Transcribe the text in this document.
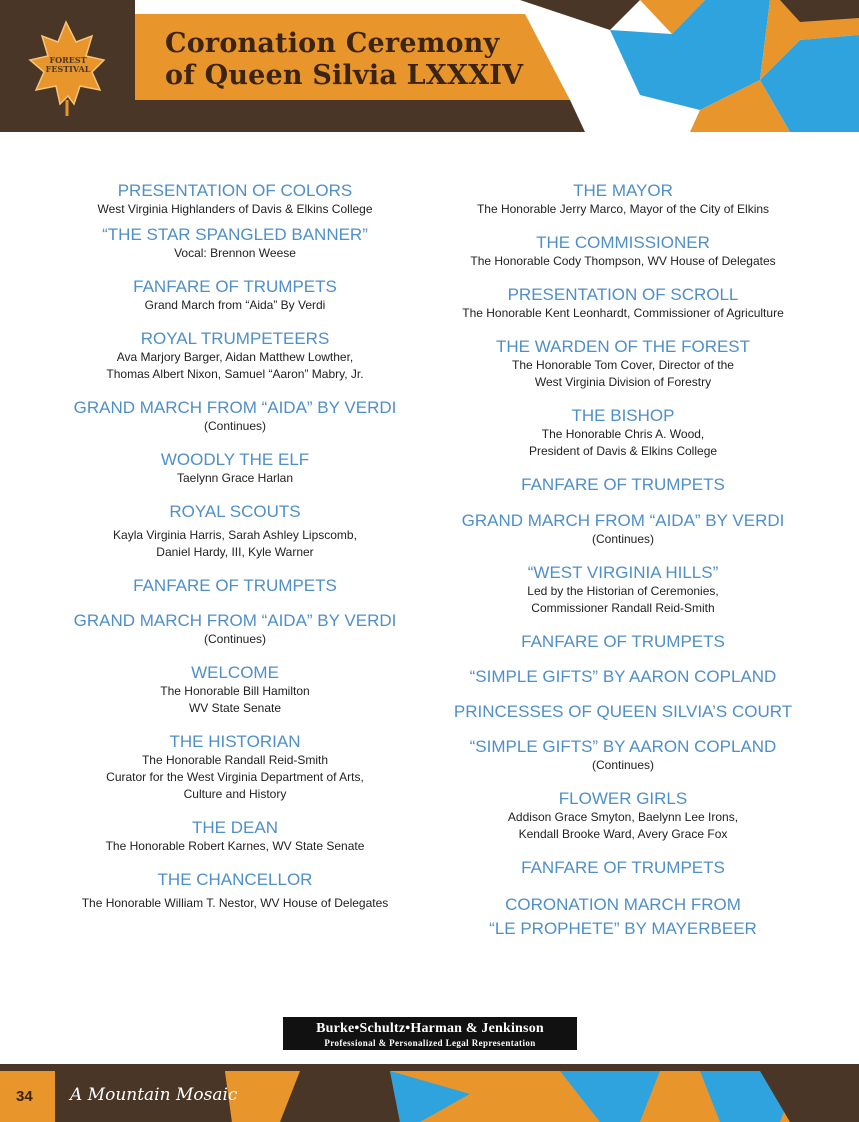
FOREST
FESTIVAL
Coronation Ceremony
of Queen Silvia LXXXIV
PRESENTATION OF COLORS
West Virginia Highlanders of Davis & Elkins College
“THE STAR SPANGLED BANNER”
Vocal: Brennon Weese
FANFARE OF TRUMPETS
Grand March from “Aida” By Verdi
ROYAL TRUMPETEERS
Ava Marjory Barger, Aidan Matthew Lowther,
Thomas Albert Nixon, Samuel “Aaron” Mabry, Jr.
GRAND MARCH FROM “AIDA” BY VERDI
(Continues)
WOODLY THE ELF
Taelynn Grace Harlan
ROYAL SCOUTS
Kayla Virginia Harris, Sarah Ashley Lipscomb,
Daniel Hardy, III, Kyle Warner
FANFARE OF TRUMPETS
GRAND MARCH FROM “AIDA” BY VERDI
(Continues)
WELCOME
The Honorable Bill Hamilton
WV State Senate
THE HISTORIAN
The Honorable Randall Reid-Smith
Curator for the West Virginia Department of Arts,
Culture and History
THE DEAN
The Honorable Robert Karnes, WV State Senate
THE CHANCELLOR
The Honorable William T. Nestor, WV House of Delegates
THE MAYOR
The Honorable Jerry Marco, Mayor of the City of Elkins
THE COMMISSIONER
The Honorable Cody Thompson, WV House of Delegates
PRESENTATION OF SCROLL
The Honorable Kent Leonhardt, Commissioner of Agriculture
THE WARDEN OF THE FOREST
The Honorable Tom Cover, Director of the
West Virginia Division of Forestry
THE BISHOP
The Honorable Chris A. Wood,
President of Davis & Elkins College
FANFARE OF TRUMPETS
GRAND MARCH FROM “AIDA” BY VERDI
(Continues)
“WEST VIRGINIA HILLS”
Led by the Historian of Ceremonies,
Commissioner Randall Reid-Smith
FANFARE OF TRUMPETS
“SIMPLE GIFTS” BY AARON COPLAND
PRINCESSES OF QUEEN SILVIA’S COURT
“SIMPLE GIFTS” BY AARON COPLAND
(Continues)
FLOWER GIRLS
Addison Grace Smyton, Baelynn Lee Irons,
Kendall Brooke Ward, Avery Grace Fox
FANFARE OF TRUMPETS
CORONATION MARCH FROM
“LE PROPHETE” BY MAYERBEER
Burke•Schultz•Harman & Jenkinson
Professional & Personalized Legal Representation
34 A Mountain Mosaic
